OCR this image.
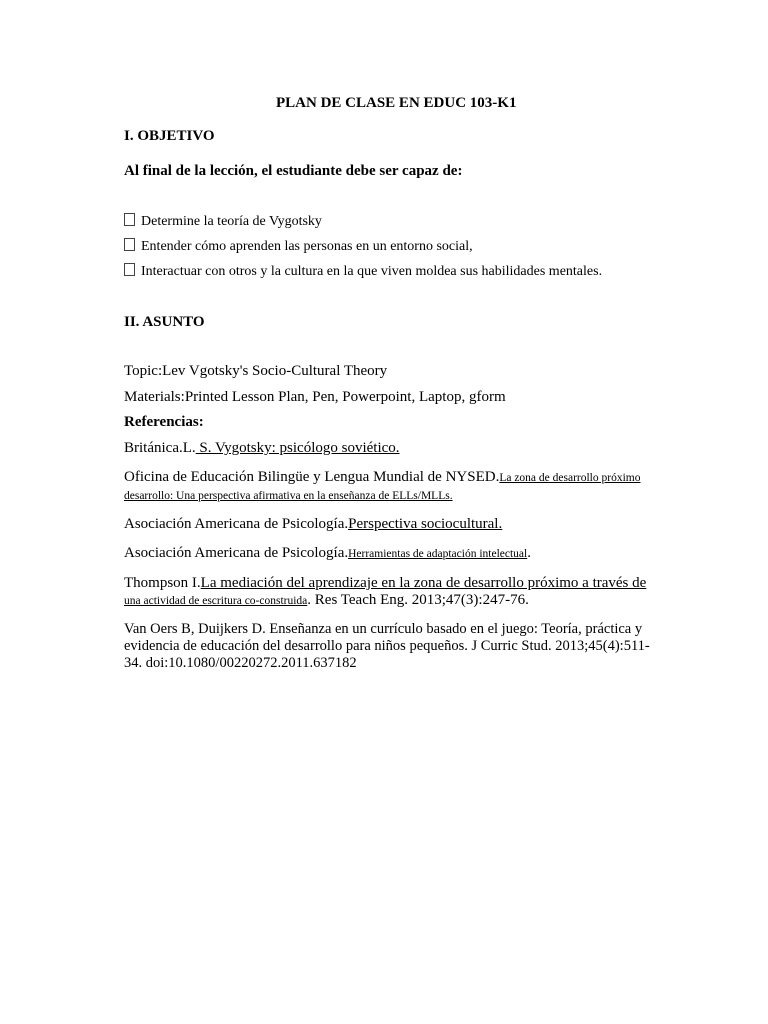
PLAN DE CLASE EN EDUC 103-K1
I. OBJETIVO
Al final de la lección, el estudiante debe ser capaz de:
Determine la teoría de Vygotsky
Entender cómo aprenden las personas en un entorno social,
Interactuar con otros y la cultura en la que viven moldea sus habilidades mentales.
II. ASUNTO
Topic:Lev Vgotsky's Socio-Cultural Theory
Materials:Printed Lesson Plan, Pen, Powerpoint, Laptop, gform
Referencias:
Británica.L. S. Vygotsky: psicólogo soviético.
Oficina de Educación Bilingüe y Lengua Mundial de NYSED.La zona de desarrollo próximo desarrollo: Una perspectiva afirmativa en la enseñanza de ELLs/MLLs.
Asociación Americana de Psicología.Perspectiva sociocultural.
Asociación Americana de Psicología.Herramientas de adaptación intelectual.
Thompson I.La mediación del aprendizaje en la zona de desarrollo próximo a través de
una actividad de escritura co-construida. Res Teach Eng. 2013;47(3):247-76.
Van Oers B, Duijkers D. Enseñanza en un currículo basado en el juego: Teoría, práctica y evidencia de educación del desarrollo para niños pequeños. J Curric Stud. 2013;45(4):511-34. doi:10.1080/00220272.2011.637182
